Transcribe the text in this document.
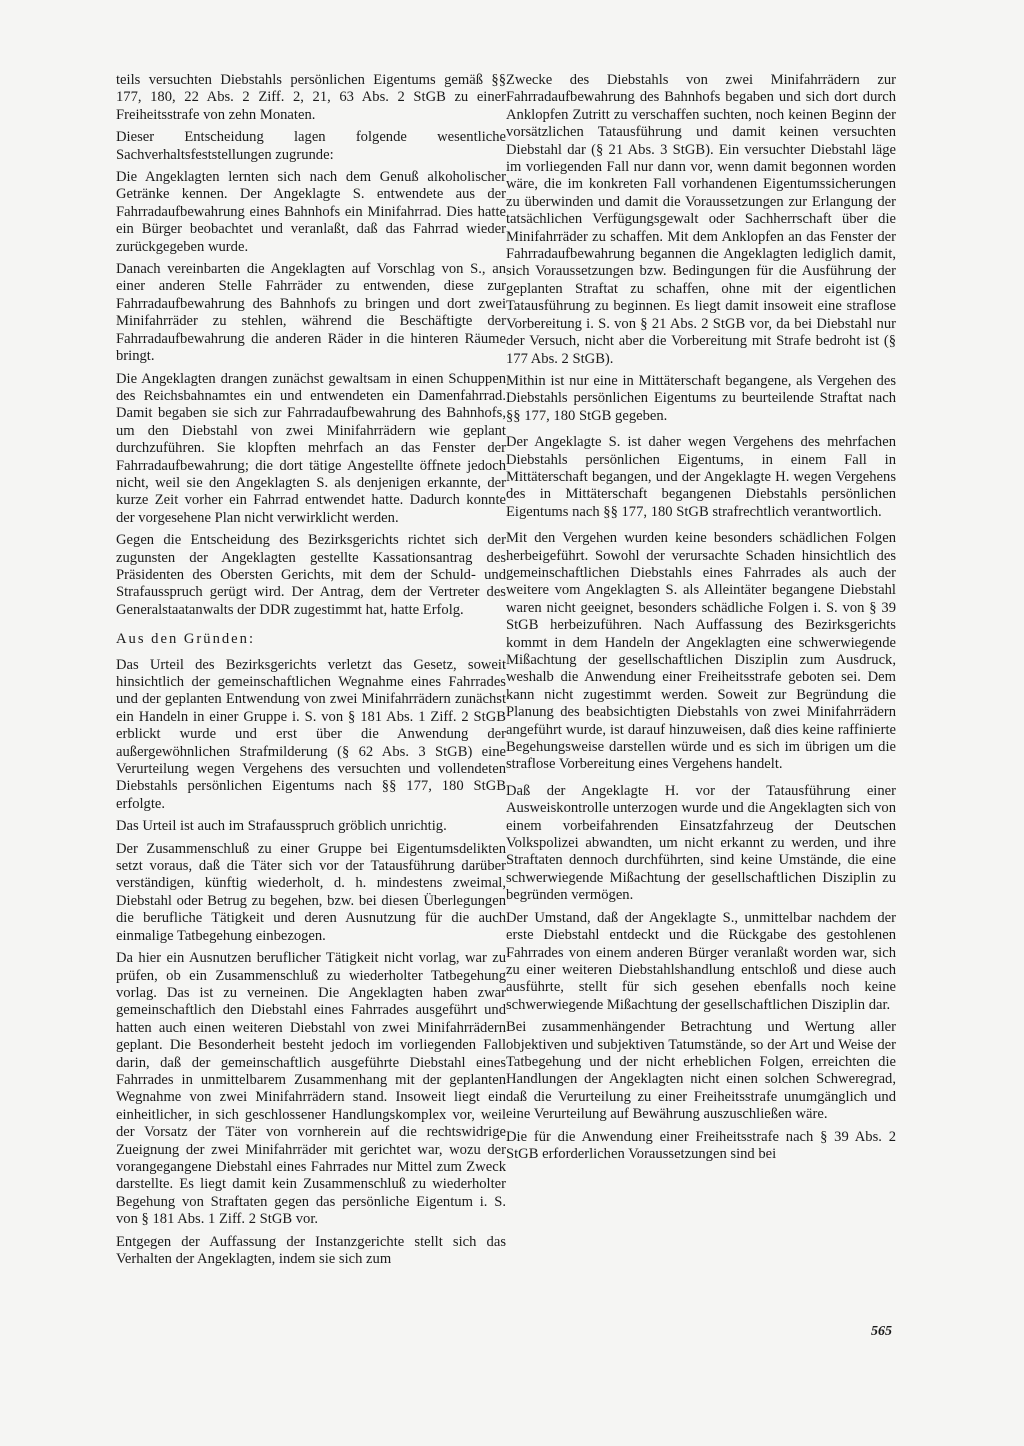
teils versuchten Diebstahls persönlichen Eigentums gemäß §§ 177, 180, 22 Abs. 2 Ziff. 2, 21, 63 Abs. 2 StGB zu einer Freiheitsstrafe von zehn Monaten.

Dieser Entscheidung lagen folgende wesentliche Sachverhaltsfeststellungen zugrunde:

Die Angeklagten lernten sich nach dem Genuß alkoholischer Getränke kennen. Der Angeklagte S. entwendete aus der Fahrradaufbewahrung eines Bahnhofs ein Minifahrrad. Dies hatte ein Bürger beobachtet und veranlaßt, daß das Fahrrad wieder zurückgegeben wurde.

Danach vereinbarten die Angeklagten auf Vorschlag von S., an einer anderen Stelle Fahrräder zu entwenden, diese zur Fahrradaufbewahrung des Bahnhofs zu bringen und dort zwei Minifahrräder zu stehlen, während die Beschäftigte der Fahrradaufbewahrung die anderen Räder in die hinteren Räume bringt.

Die Angeklagten drangen zunächst gewaltsam in einen Schuppen des Reichsbahnamtes ein und entwendeten ein Damenfahrrad. Damit begaben sie sich zur Fahrradaufbewahrung des Bahnhofs, um den Diebstahl von zwei Minifahrrädern wie geplant durchzuführen. Sie klopften mehrfach an das Fenster der Fahrradaufbewahrung; die dort tätige Angestellte öffnete jedoch nicht, weil sie den Angeklagten S. als denjenigen erkannte, der kurze Zeit vorher ein Fahrrad entwendet hatte. Dadurch konnte der vorgesehene Plan nicht verwirklicht werden.

Gegen die Entscheidung des Bezirksgerichts richtet sich der zugunsten der Angeklagten gestellte Kassationsantrag des Präsidenten des Obersten Gerichts, mit dem der Schuld- und Strafausspruch gerügt wird. Der Antrag, dem der Vertreter des Generalstaatanwalts der DDR zugestimmt hat, hatte Erfolg.

Aus den Gründen:

Das Urteil des Bezirksgerichts verletzt das Gesetz, soweit hinsichtlich der gemeinschaftlichen Wegnahme eines Fahrrades und der geplanten Entwendung von zwei Minifahrrädern zunächst ein Handeln in einer Gruppe i. S. von § 181 Abs. 1 Ziff. 2 StGB erblickt wurde und erst über die Anwendung der außergewöhnlichen Strafmilderung (§ 62 Abs. 3 StGB) eine Verurteilung wegen Vergehens des versuchten und vollendeten Diebstahls persönlichen Eigentums nach §§ 177, 180 StGB erfolgte.

Das Urteil ist auch im Strafausspruch gröblich unrichtig.

Der Zusammenschluß zu einer Gruppe bei Eigentumsdelikten setzt voraus, daß die Täter sich vor der Tatausführung darüber verständigen, künftig wiederholt, d. h. mindestens zweimal, Diebstahl oder Betrug zu begehen, bzw. bei diesen Überlegungen die berufliche Tätigkeit und deren Ausnutzung für die auch einmalige Tatbegehung einbezogen.

Da hier ein Ausnutzen beruflicher Tätigkeit nicht vorlag, war zu prüfen, ob ein Zusammenschluß zu wiederholter Tatbegehung vorlag. Das ist zu verneinen. Die Angeklagten haben zwar gemeinschaftlich den Diebstahl eines Fahrrades ausgeführt und hatten auch einen weiteren Diebstahl von zwei Minifahrrädern geplant. Die Besonderheit besteht jedoch im vorliegenden Fall darin, daß der gemeinschaftlich ausgeführte Diebstahl eines Fahrrades in unmittelbarem Zusammenhang mit der geplanten Wegnahme von zwei Minifahrrädern stand. Insoweit liegt ein einheitlicher, in sich geschlossener Handlungskomplex vor, weil der Vorsatz der Täter von vornherein auf die rechtswidrige Zueignung der zwei Minifahrräder mit gerichtet war, wozu der vorangegangene Diebstahl eines Fahrrades nur Mittel zum Zweck darstellte. Es liegt damit kein Zusammenschluß zu wiederholter Begehung von Straftaten gegen das persönliche Eigentum i. S. von § 181 Abs. 1 Ziff. 2 StGB vor.

Entgegen der Auffassung der Instanzgerichte stellt sich das Verhalten der Angeklagten, indem sie sich zum

Zwecke des Diebstahls von zwei Minifahrrädern zur Fahrradaufbewahrung des Bahnhofs begaben und sich dort durch Anklopfen Zutritt zu verschaffen suchten, noch keinen Beginn der vorsätzlichen Tatausführung und damit keinen versuchten Diebstahl dar (§ 21 Abs. 3 StGB). Ein versuchter Diebstahl läge im vorliegenden Fall nur dann vor, wenn damit begonnen worden wäre, die im konkreten Fall vorhandenen Eigentumssicherungen zu überwinden und damit die Voraussetzungen zur Erlangung der tatsächlichen Verfügungsgewalt oder Sachherrschaft über die Minifahrräder zu schaffen. Mit dem Anklopfen an das Fenster der Fahrradaufbewahrung begannen die Angeklagten lediglich damit, sich Voraussetzungen bzw. Bedingungen für die Ausführung der geplanten Straftat zu schaffen, ohne mit der eigentlichen Tatausführung zu beginnen. Es liegt damit insoweit eine straflose Vorbereitung i. S. von § 21 Abs. 2 StGB vor, da bei Diebstahl nur der Versuch, nicht aber die Vorbereitung mit Strafe bedroht ist (§ 177 Abs. 2 StGB).

Mithin ist nur eine in Mittäterschaft begangene, als Vergehen des Diebstahls persönlichen Eigentums zu beurteilende Straftat nach §§ 177, 180 StGB gegeben.

Der Angeklagte S. ist daher wegen Vergehens des mehrfachen Diebstahls persönlichen Eigentums, in einem Fall in Mittäterschaft begangen, und der Angeklagte H. wegen Vergehens des in Mittäterschaft begangenen Diebstahls persönlichen Eigentums nach §§ 177, 180 StGB strafrechtlich verantwortlich.

Mit den Vergehen wurden keine besonders schädlichen Folgen herbeigeführt. Sowohl der verursachte Schaden hinsichtlich des gemeinschaftlichen Diebstahls eines Fahrrades als auch der weitere vom Angeklagten S. als Alleintäter begangene Diebstahl waren nicht geeignet, besonders schädliche Folgen i. S. von § 39 StGB herbeizuführen. Nach Auffassung des Bezirksgerichts kommt in dem Handeln der Angeklagten eine schwerwiegende Mißachtung der gesellschaftlichen Disziplin zum Ausdruck, weshalb die Anwendung einer Freiheitsstrafe geboten sei. Dem kann nicht zugestimmt werden. Soweit zur Begründung die Planung des beabsichtigten Diebstahls von zwei Minifahrrädern angeführt wurde, ist darauf hinzuweisen, daß dies keine raffinierte Begehungsweise darstellen würde und es sich im übrigen um die straflose Vorbereitung eines Vergehens handelt.

Daß der Angeklagte H. vor der Tatausführung einer Ausweiskontrolle unterzogen wurde und die Angeklagten sich von einem vorbeifahrenden Einsatzfahrzeug der Deutschen Volkspolizei abwandten, um nicht erkannt zu werden, und ihre Straftaten dennoch durchführten, sind keine Umstände, die eine schwerwiegende Mißachtung der gesellschaftlichen Disziplin zu begründen vermögen.

Der Umstand, daß der Angeklagte S., unmittelbar nachdem der erste Diebstahl entdeckt und die Rückgabe des gestohlenen Fahrrades von einem anderen Bürger veranlaßt worden war, sich zu einer weiteren Diebstahlshandlung entschloß und diese auch ausführte, stellt für sich gesehen ebenfalls noch keine schwerwiegende Mißachtung der gesellschaftlichen Disziplin dar.

Bei zusammenhängender Betrachtung und Wertung aller objektiven und subjektiven Tatumstände, so der Art und Weise der Tatbegehung und der nicht erheblichen Folgen, erreichten die Handlungen der Angeklagten nicht einen solchen Schweregrad, daß die Verurteilung zu einer Freiheitsstrafe unumgänglich und eine Verurteilung auf Bewährung auszuschließen wäre.

Die für die Anwendung einer Freiheitsstrafe nach § 39 Abs. 2 StGB erforderlichen Voraussetzungen sind bei

565
